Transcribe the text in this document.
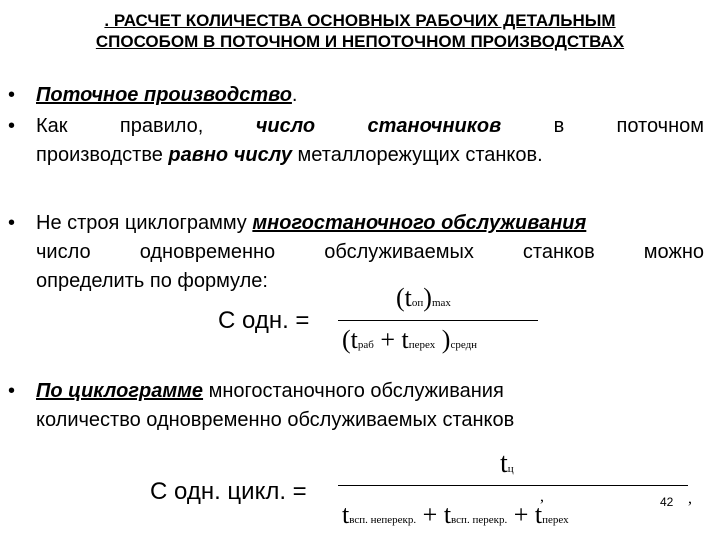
. РАСЧЕТ КОЛИЧЕСТВА ОСНОВНЫХ РАБОЧИХ ДЕТАЛЬНЫМ
СПОСОБОМ В ПОТОЧНОМ И НЕПОТОЧНОМ ПРОИЗВОДСТВАХ
• Поточное производство.
• Как	правило,	число	станочников	в	поточном
производстве равно числу металлорежущих станков.
• Не строя циклограмму многостаночного обслуживания
число одновременно обслуживаемых станков можно
определить по формуле:
С одн. =
(tоп)max
(tраб + tперех )средн
• По циклограмме многостаночного обслуживания
количество одновременно обслуживаемых станков
С одн. цикл. =
tц
,	,
42
tвсп. неперекр. + tвсп. перекр. + tперех
